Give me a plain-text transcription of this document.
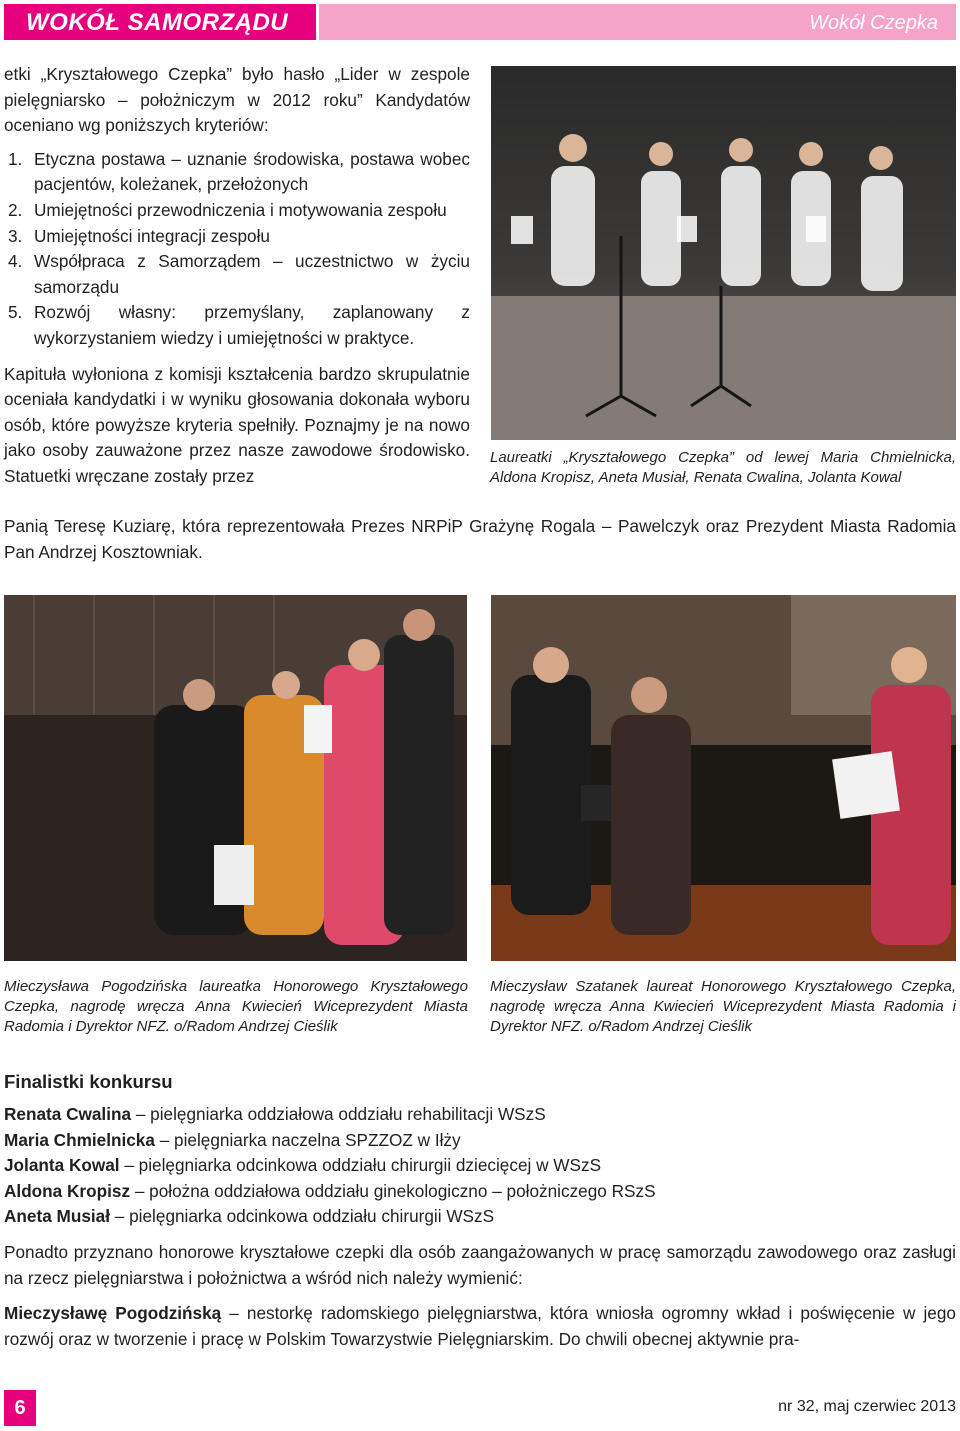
WOKÓŁ SAMORZĄDU	Wokół Czepka

etki „Kryształowego Czepka” było hasło „Lider w zespole pielęgniarsko – położniczym w 2012 roku” Kandydatów oceniano wg poniższych kryteriów:

1. Etyczna postawa – uznanie środowiska, postawa wobec pacjentów, koleżanek, przełożonych
2. Umiejętności przewodniczenia i motywowania zespołu
3. Umiejętności integracji zespołu
4. Współpraca z Samorządem – uczestnictwo w życiu samorządu
5. Rozwój własny: przemyślany, zaplanowany z wykorzystaniem wiedzy i umiejętności w praktyce.

Kapituła wyłoniona z komisji kształcenia bardzo skrupulatnie oceniała kandydatki i w wyniku głosowania dokonała wyboru osób, które powyższe kryteria spełniły. Poznajmy je na nowo jako osoby zauważone przez nasze zawodowe środowisko. Statuetki wręczane zostały przez

Panią Teresę Kuziarę, która reprezentowała Prezes NRPiP Grażynę Rogala – Pawelczyk oraz Prezydent Miasta Radomia Pan Andrzej Kosztowniak.
Laureatki „Kryształowego Czepka” od lewej Maria Chmielnicka, Aldona Kropisz, Aneta Musiał, Renata Cwalina, Jolanta Kowal
Mieczysława Pogodzińska laureatka Honorowego Kryształowego Czepka, nagrodę wręcza Anna Kwiecień Wiceprezydent Miasta Radomia i Dyrektor NFZ. o/Radom Andrzej Cieślik
Mieczysław Szatanek laureat Honorowego Kryształowego Czepka, nagrodę wręcza Anna Kwiecień Wiceprezydent Miasta Radomia i Dyrektor NFZ. o/Radom Andrzej Cieślik
Finalistki konkursu
Renata Cwalina – pielęgniarka oddziałowa oddziału rehabilitacji WSzS
Maria Chmielnicka – pielęgniarka naczelna SPZZOZ w Iłży
Jolanta Kowal – pielęgniarka odcinkowa oddziału chirurgii dziecięcej w WSzS
Aldona Kropisz – położna oddziałowa oddziału ginekologiczno – położniczego RSzS
Aneta Musiał – pielęgniarka odcinkowa oddziału chirurgii WSzS
Ponadto przyznano honorowe kryształowe czepki dla osób zaangażowanych w pracę samorządu zawodowego oraz zasługi na rzecz pielęgniarstwa i położnictwa a wśród nich należy wymienić:
Mieczysławę Pogodzińską – nestorkę radomskiego pielęgniarstwa, która wniosła ogromny wkład i poświęcenie w jego rozwój oraz w tworzenie i pracę w Polskim Towarzystwie Pielęgniarskim. Do chwili obecnej aktywnie pra-
6	nr 32, maj czerwiec 2013
